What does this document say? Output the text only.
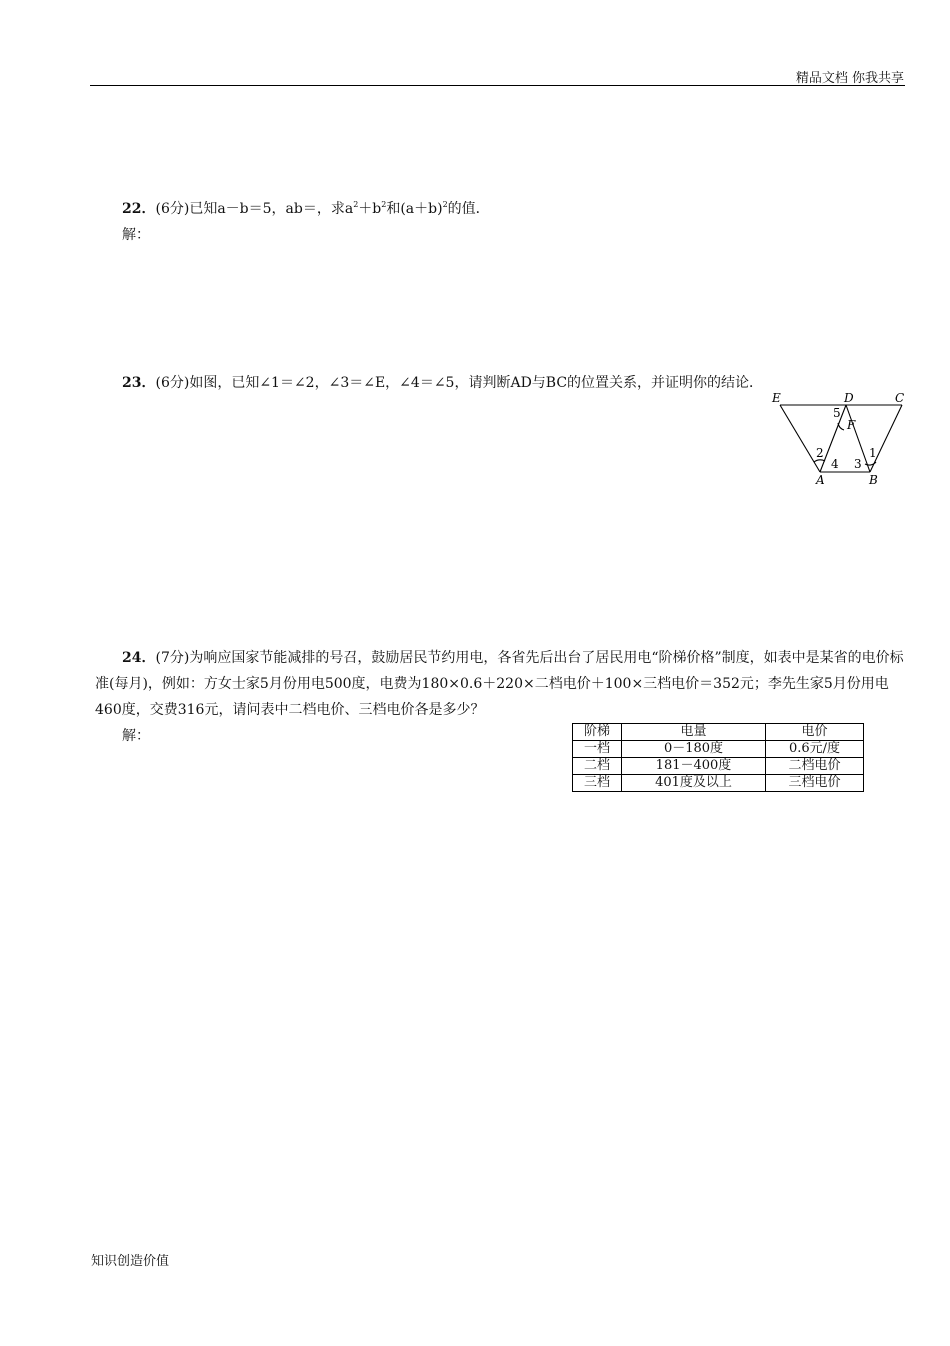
精品文档 你我共享
22．(6分)已知a－b＝5，ab＝，求$a^2+b^2$和$(a+b)^2$的值．
解：
23．(6分)如图，已知∠1＝∠2，∠3＝∠E，∠4＝∠5，请判断AD与BC的位置关系，并证明你的结论．
E	D	C
F
A	B
5
2
4 3
1

24．(7分)为响应国家节能减排的号召，鼓励居民节约用电，各省先后出台了居民用电“阶梯价格”制度，如表中是某省的电价标准(每月)，例如：方女士家5月份用电500度，电费为180×0.6＋220×二档电价＋100×三档电价＝352元；李先生家5月份用电460度，交费316元，请问表中二档电价、三档电价各是多少？

解：	阶梯	电量	电价
一档	0－180度	0.6元/度
二档	181－400度	二档电价
三档	401度及以上	三档电价
知识创造价值
